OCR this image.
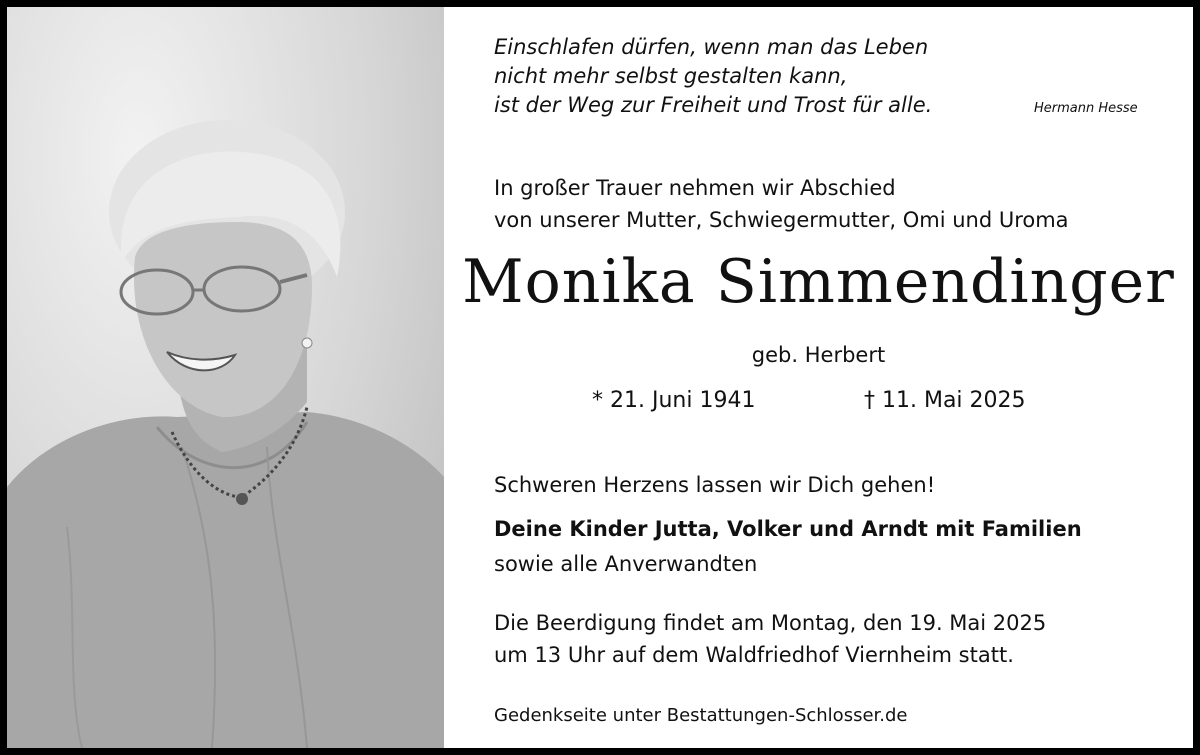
Einschlafen dürfen, wenn man das Leben
nicht mehr selbst gestalten kann,
ist der Weg zur Freiheit und Trost für alle.	Hermann Hesse
In großer Trauer nehmen wir Abschied
von unserer Mutter, Schwiegermutter, Omi und Uroma
Monika Simmendinger
geb. Herbert
* 21. Juni 1941	† 11. Mai 2025
Schweren Herzens lassen wir Dich gehen!
Deine Kinder Jutta, Volker und Arndt mit Familien
sowie alle Anverwandten
Die Beerdigung findet am Montag, den 19. Mai 2025
um 13 Uhr auf dem Waldfriedhof Viernheim statt.
Gedenkseite unter Bestattungen-Schlosser.de
